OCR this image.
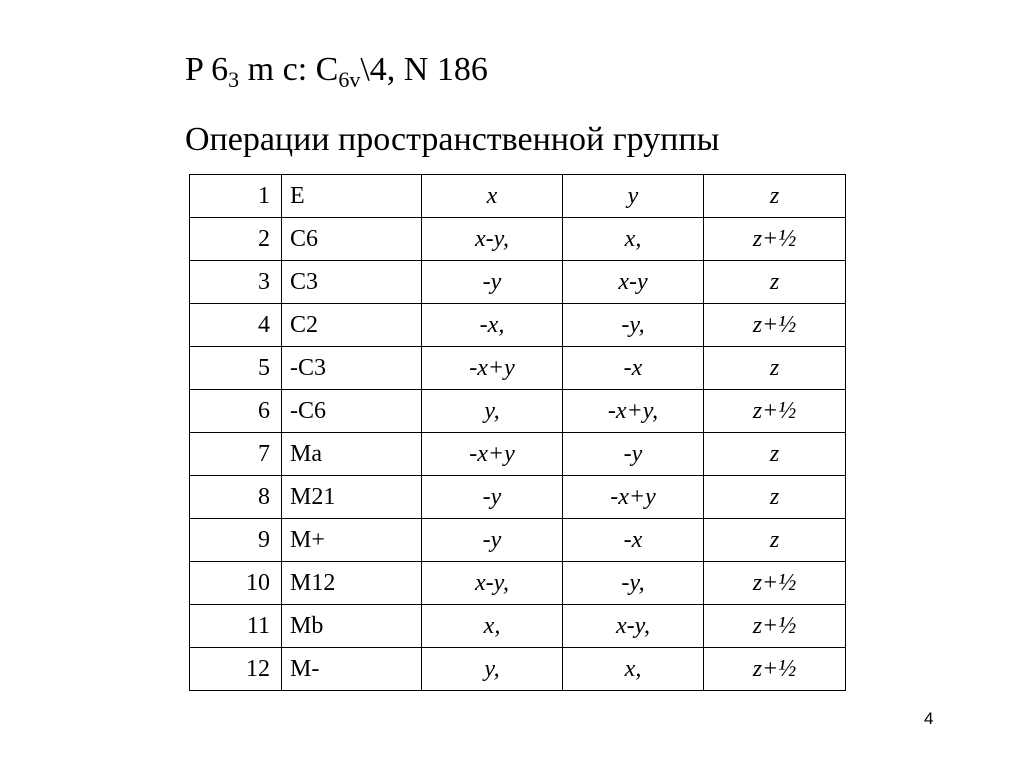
P $6_3$ m c: $C_{6v}\backslash 4$, N 186
Операции пространственной группы
1	E	x	y	z
2	C6	x-y,	x,	z+½
3	C3	-y	x-y	z
4	C2	-x,	-y,	z+½
5	-C3	-x+y	-x	z
6	-C6	y,	-x+y,	z+½
7	Ma	-x+y	-y	z
8	M21	-y	-x+y	z
9	M+	-y	-x	z
10	M12	x-y,	-y,	z+½
11	Mb	x,	x-y,	z+½
12	M-	y,	x,	z+½
4
